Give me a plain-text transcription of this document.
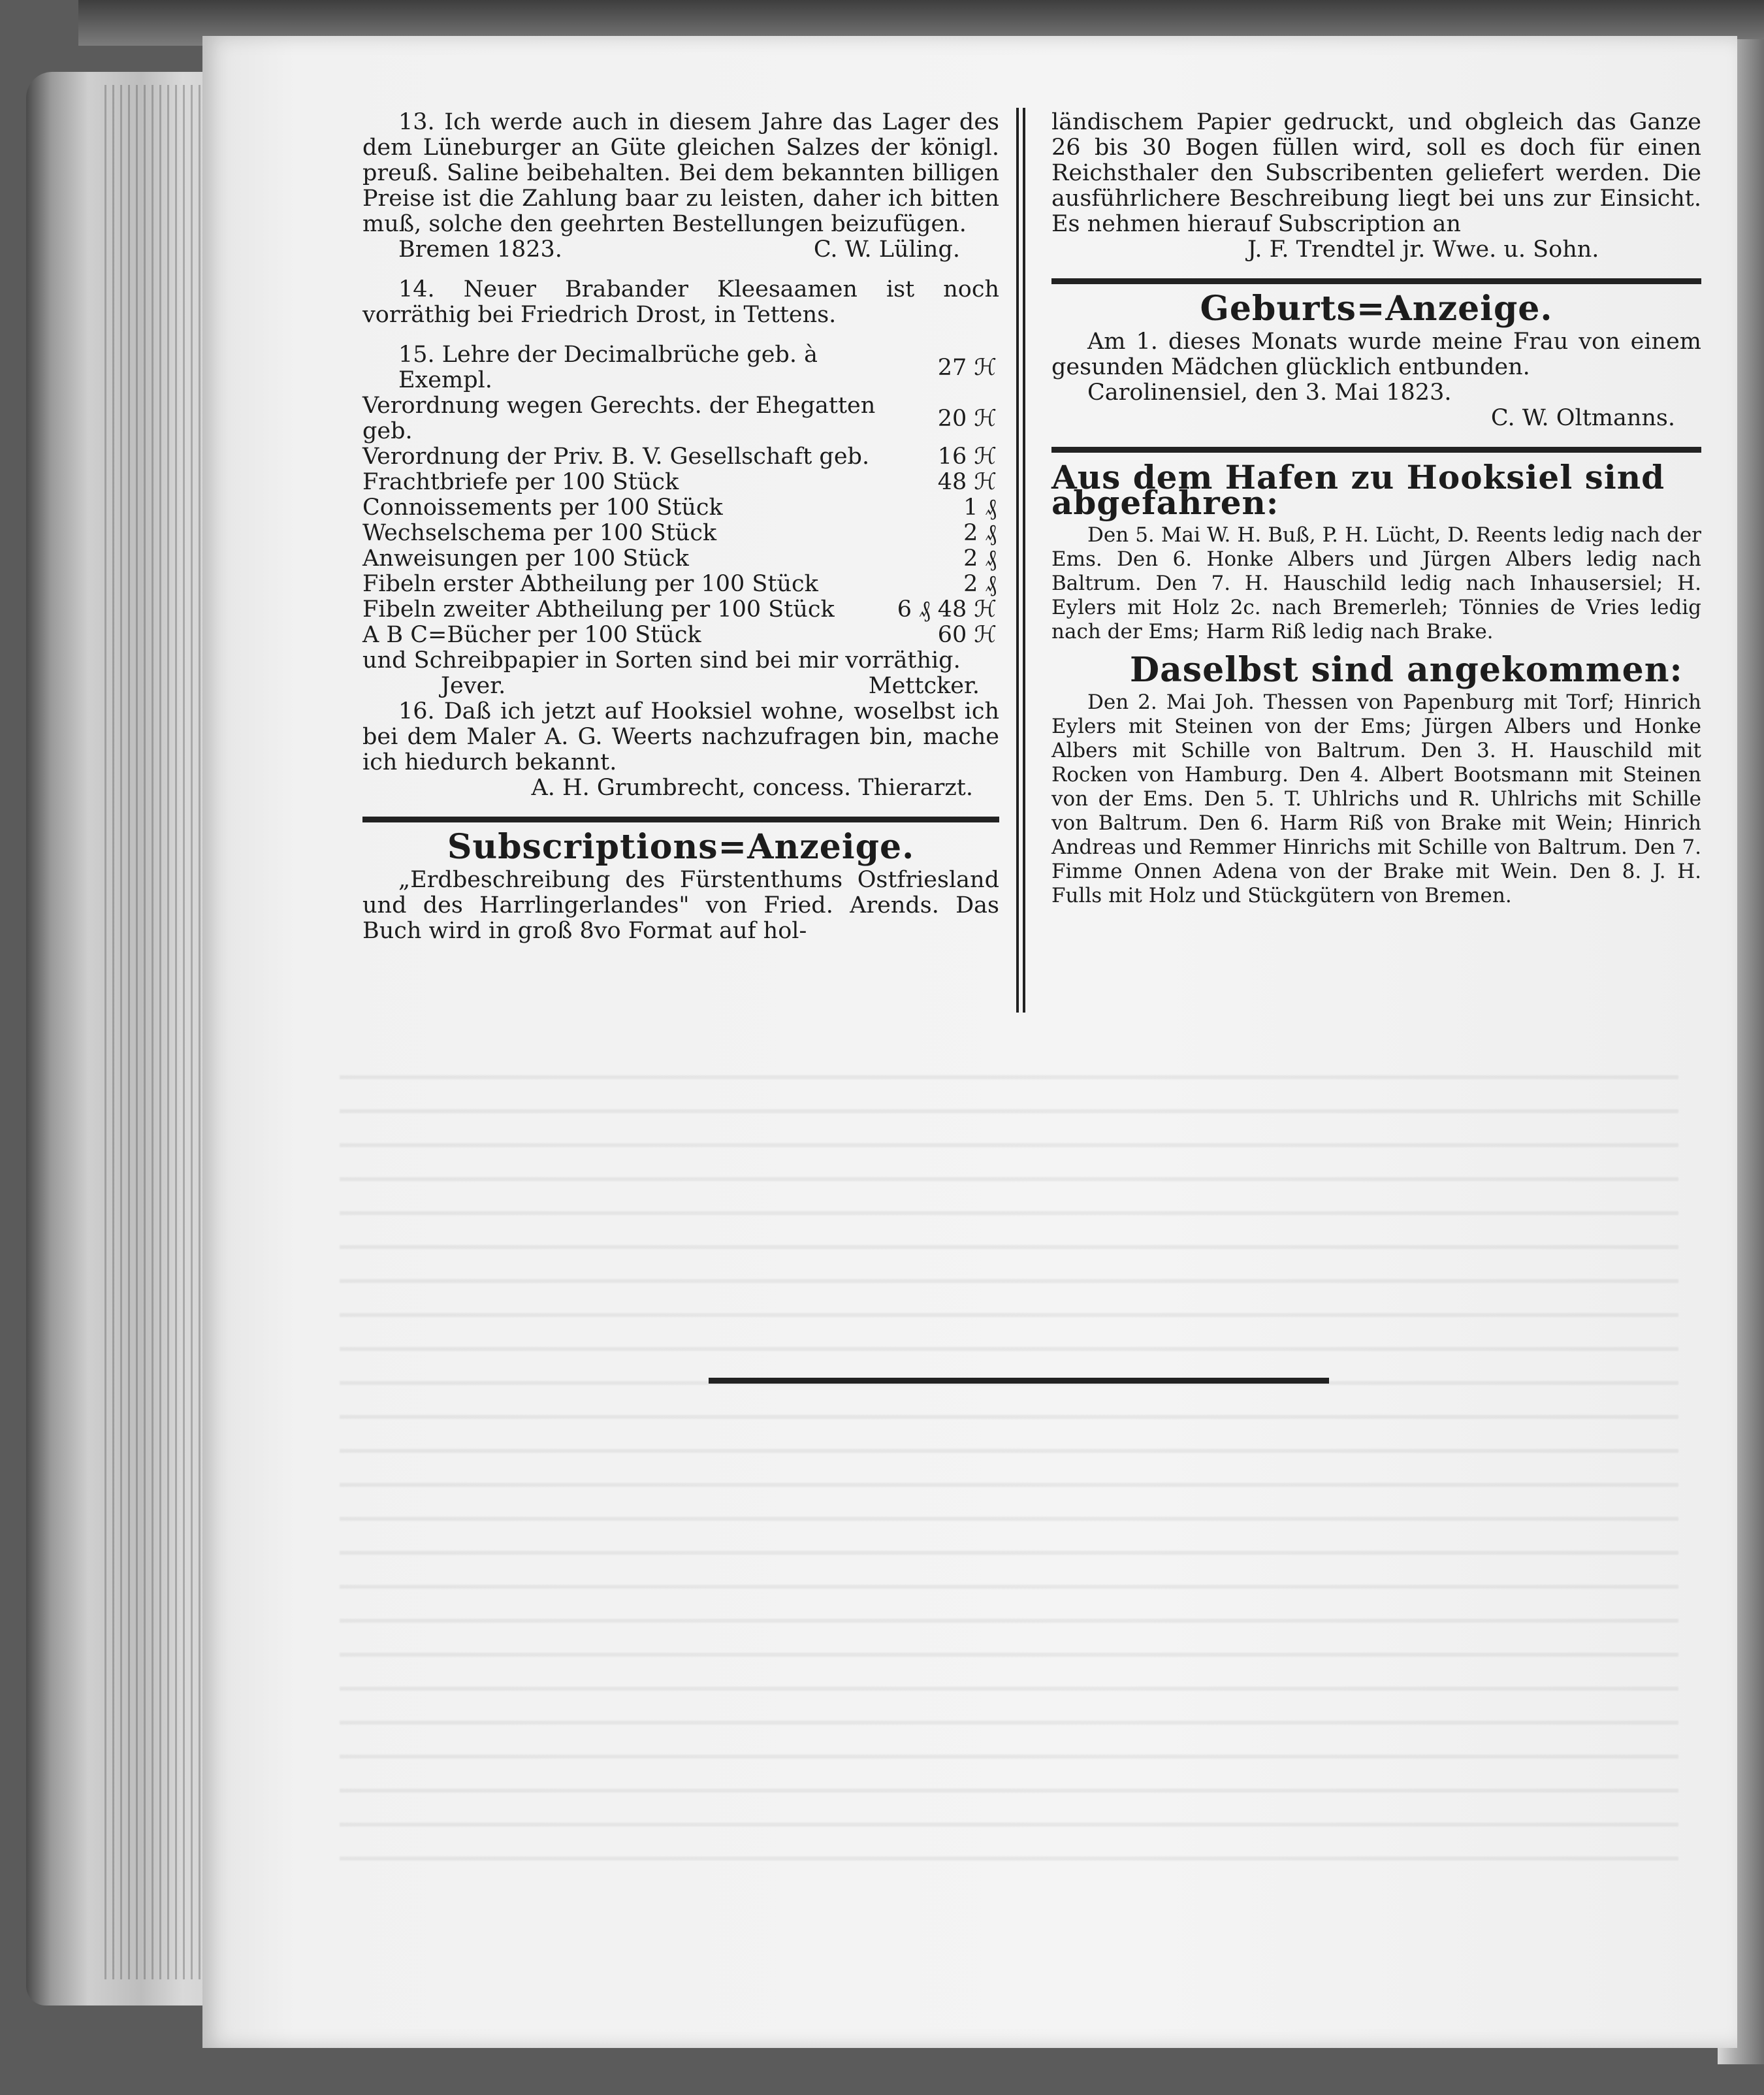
13. Ich werde auch in diesem Jahre das Lager des dem Lüneburger an Güte gleichen Salzes der königl. preuß. Saline beibehalten. Bei dem bekannten billigen Preise ist die Zahlung baar zu leisten, daher ich bitten muß, solche den geehrten Bestellungen beizufügen.

Bremen 1823.	C. W. Lüling.

14. Neuer Brabander Kleesaamen ist noch vorräthig bei Friedrich Drost, in Tettens.

15. Lehre der Decimalbrüche geb. à Exempl.	27 ℋ
Verordnung wegen Gerechts. der Ehegatten geb.	20 ℋ
Verordnung der Priv. B. V. Gesellschaft geb.	16 ℋ
Frachtbriefe per 100 Stück	48 ℋ
Connoissements per 100 Stück	1 ₰
Wechselschema per 100 Stück	2 ₰
Anweisungen per 100 Stück	2 ₰
Fibeln erster Abtheilung per 100 Stück	2 ₰
Fibeln zweiter Abtheilung per 100 Stück	6 ₰ 48 ℋ
A B C=Bücher per 100 Stück	60 ℋ

und Schreibpapier in Sorten sind bei mir vorräthig.

Jever.	Mettcker.

16. Daß ich jetzt auf Hooksiel wohne, woselbst ich bei dem Maler A. G. Weerts nachzufragen bin, mache ich hiedurch bekannt.

A. H. Grumbrecht, concess. Thierarzt.

Subscriptions=Anzeige.

„Erdbeschreibung des Fürstenthums Ostfriesland und des Harrlingerlandes" von Fried. Arends. Das Buch wird in groß 8vo Format auf hol-

ländischem Papier gedruckt, und obgleich das Ganze 26 bis 30 Bogen füllen wird, soll es doch für einen Reichsthaler den Subscribenten geliefert werden. Die ausführlichere Beschreibung liegt bei uns zur Einsicht. Es nehmen hierauf Subscription an

J. F. Trendtel jr. Wwe. u. Sohn.

Geburts=Anzeige.

Am 1. dieses Monats wurde meine Frau von einem gesunden Mädchen glücklich entbunden.

Carolinensiel, den 3. Mai 1823.

C. W. Oltmanns.

Aus dem Hafen zu Hooksiel sind abgefahren:

Den 5. Mai W. H. Buß, P. H. Lücht, D. Reents ledig nach der Ems. Den 6. Honke Albers und Jürgen Albers ledig nach Baltrum. Den 7. H. Hauschild ledig nach Inhausersiel; H. Eylers mit Holz 2c. nach Bremerleh; Tönnies de Vries ledig nach der Ems; Harm Riß ledig nach Brake.

Daselbst sind angekommen:

Den 2. Mai Joh. Thessen von Papenburg mit Torf; Hinrich Eylers mit Steinen von der Ems; Jürgen Albers und Honke Albers mit Schille von Baltrum. Den 3. H. Hauschild mit Rocken von Hamburg. Den 4. Albert Bootsmann mit Steinen von der Ems. Den 5. T. Uhlrichs und R. Uhlrichs mit Schille von Baltrum. Den 6. Harm Riß von Brake mit Wein; Hinrich Andreas und Remmer Hinrichs mit Schille von Baltrum. Den 7. Fimme Onnen Adena von der Brake mit Wein. Den 8. J. H. Fulls mit Holz und Stückgütern von Bremen.
